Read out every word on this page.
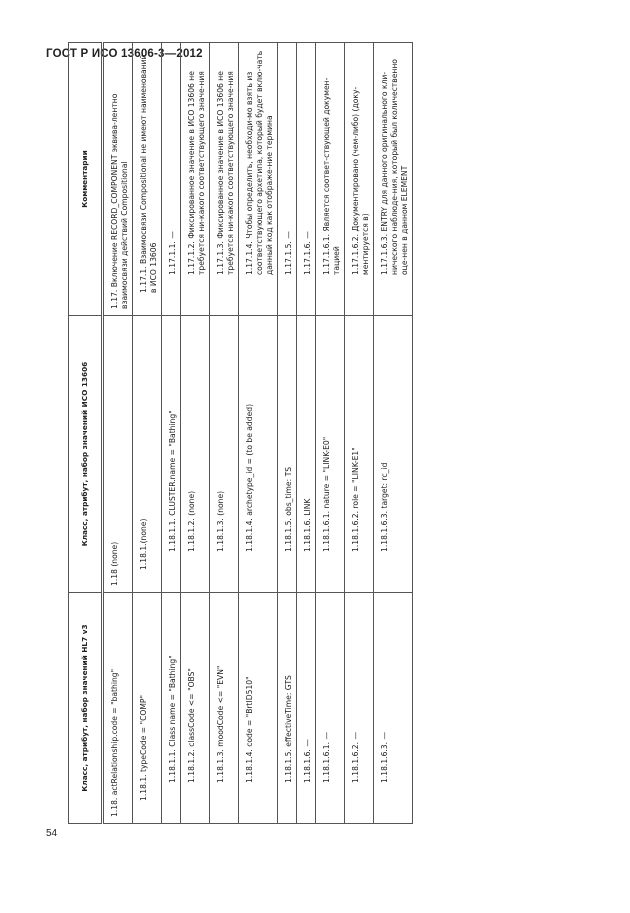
ГОСТ Р ИСО 13606-3—2012
Класс, атрибут, набор значений HL7 v3	Класс, атрибут, набор значений ИСО 13606	Комментарии
1.18. actRelationship.code = "bathing"	1.18 (none)	1.17. Включение RECORD_COMPONENT эквива-лентно взаимосвязи действий Compositional
1.18.1. typeCode = "COMP"	1.18.1.(none)	1.17.1. Взаимосвязи Compositional не имеют наименований в ИСО 13606
1.18.1.1. Class name = "Bathing"	1.18.1.1. CLUSTER.name = "Bathing"	1.17.1.1. —
1.18.1.2. classCode <= "OBS"	1.18.1.2. (none)	1.17.1.2. Фиксированное значение в ИСО 13606 не требуется ни-какого соответствующего значе-ния
1.18.1.3. moodCode <= "EVN"	1.18.1.3. (none)	1.17.1.3. Фиксированное значение в ИСО 13606 не требуется ни-какого соответствующего значе-ния
1.18.1.4. code = "BrtID510"	1.18.1.4. archetype_id = (to be added)	1.17.1.4. Чтобы определить, необходи-мо взять из соответствующего архетипа, который будет вклю-чать данный код как отображе-ние термина
1.18.1.5. effectiveTime: GTS	1.18.1.5. obs_time: TS	1.17.1.5. —
1.18.1.6. —	1.18.1.6. LINK	1.17.1.6. —
1.18.1.6.1. —	1.18.1.6.1. nature = "LINK-E0"	1.17.1.6.1. Является соответ-ствующей докумен-тацией
1.18.1.6.2. —	1.18.1.6.2. role = "LINK-E1"	1.17.1.6.2. Документировано (чем-либо) (доку-ментируется в)
1.18.1.6.3. —	1.18.1.6.3. target: rc_id	1.17.1.6.3. ENTRY для данного оригинального кли-нического наблюде-ния, который был количественно оце-нен в данном ELEMENT
54
